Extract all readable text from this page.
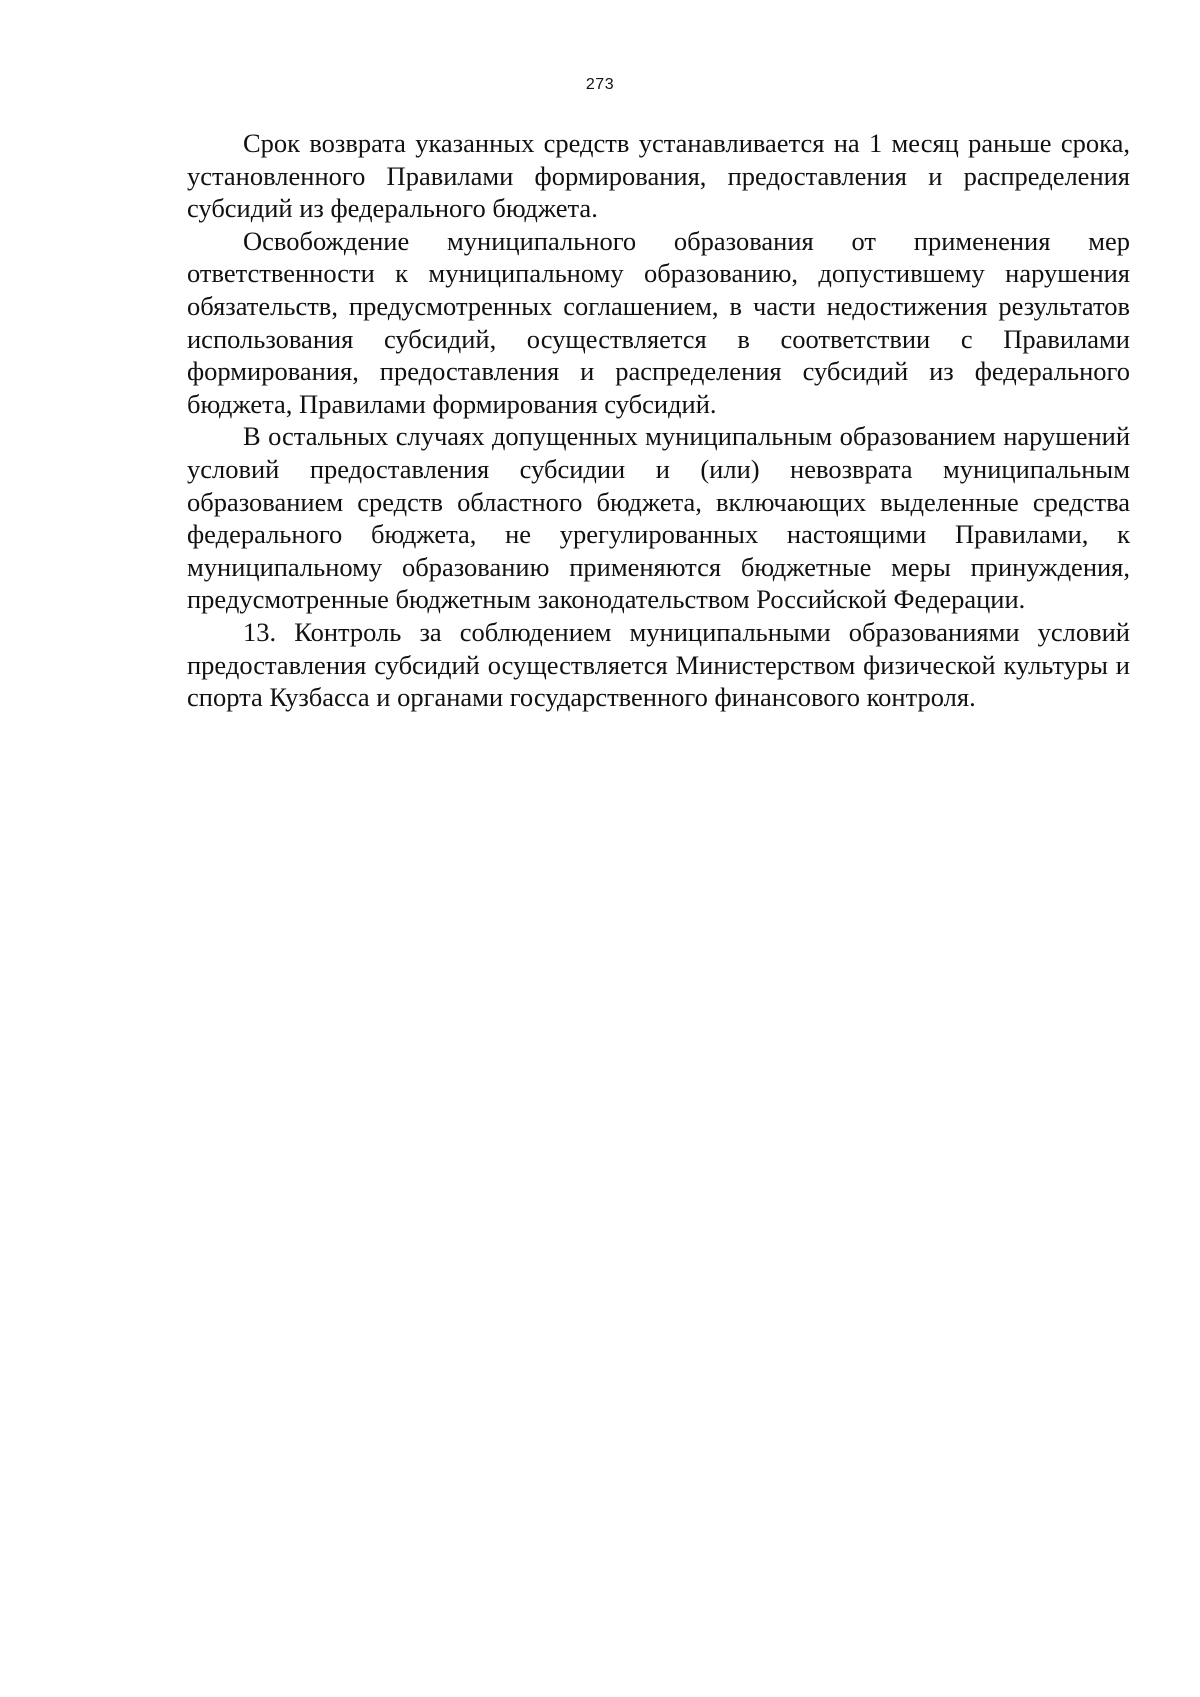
273

Срок возврата указанных средств устанавливается на 1 месяц раньше срока, установленного Правилами формирования, предоставления и распределения субсидий из федерального бюджета.

Освобождение муниципального образования от применения мер ответственности к муниципальному образованию, допустившему нарушения обязательств, предусмотренных соглашением, в части недостижения результатов использования субсидий, осуществляется в соответствии с Правилами формирования, предоставления и распределения субсидий из федерального бюджета, Правилами формирования субсидий.

В остальных случаях допущенных муниципальным образованием нарушений условий предоставления субсидии и (или) невозврата муниципальным образованием средств областного бюджета, включающих выделенные средства федерального бюджета, не урегулированных настоящими Правилами, к муниципальному образованию применяются бюджетные меры принуждения, предусмотренные бюджетным законодательством Российской Федерации.

13. Контроль за соблюдением муниципальными образованиями условий предоставления субсидий осуществляется Министерством физической культуры и спорта Кузбасса и органами государственного финансового контроля.
